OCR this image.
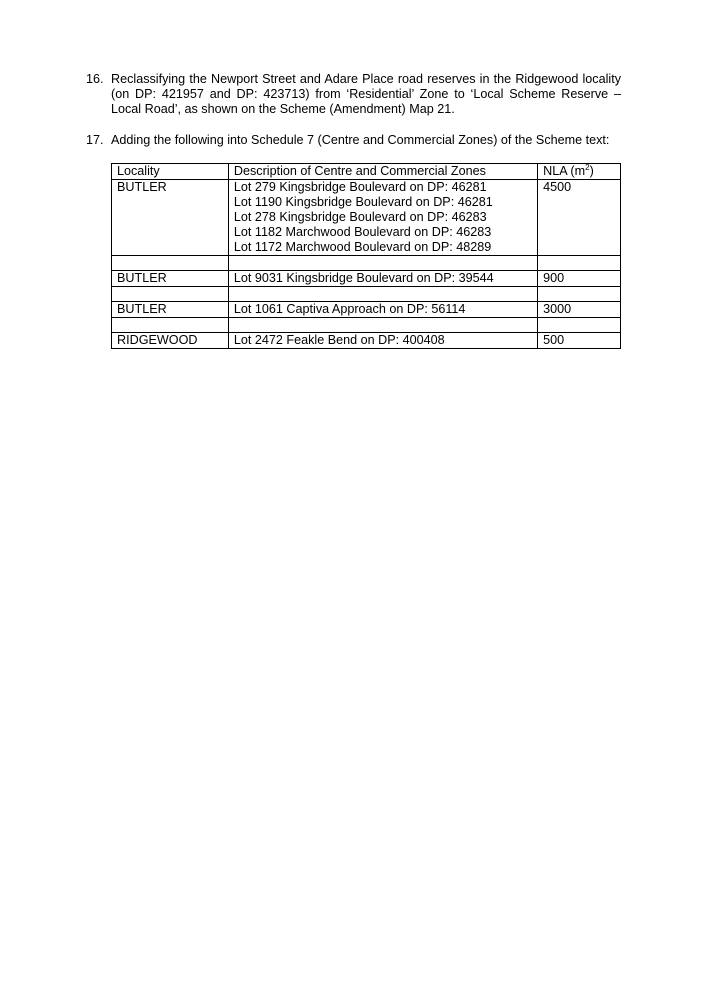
16. Reclassifying the Newport Street and Adare Place road reserves in the Ridgewood locality (on DP: 421957 and DP: 423713) from ‘Residential’ Zone to ‘Local Scheme Reserve – Local Road’, as shown on the Scheme (Amendment) Map 21.
17. Adding the following into Schedule 7 (Centre and Commercial Zones) of the Scheme text:
Locality	Description of Centre and Commercial Zones	NLA $(m^2)$
BUTLER	Lot 279 Kingsbridge Boulevard on DP: 46281
Lot 1190 Kingsbridge Boulevard on DP: 46281
Lot 278 Kingsbridge Boulevard on DP: 46283
Lot 1182 Marchwood Boulevard on DP: 46283
Lot 1172 Marchwood Boulevard on DP: 48289	4500

BUTLER	Lot 9031 Kingsbridge Boulevard on DP: 39544	900

BUTLER	Lot 1061 Captiva Approach on DP: 56114	3000

RIDGEWOOD	Lot 2472 Feakle Bend on DP: 400408	500
